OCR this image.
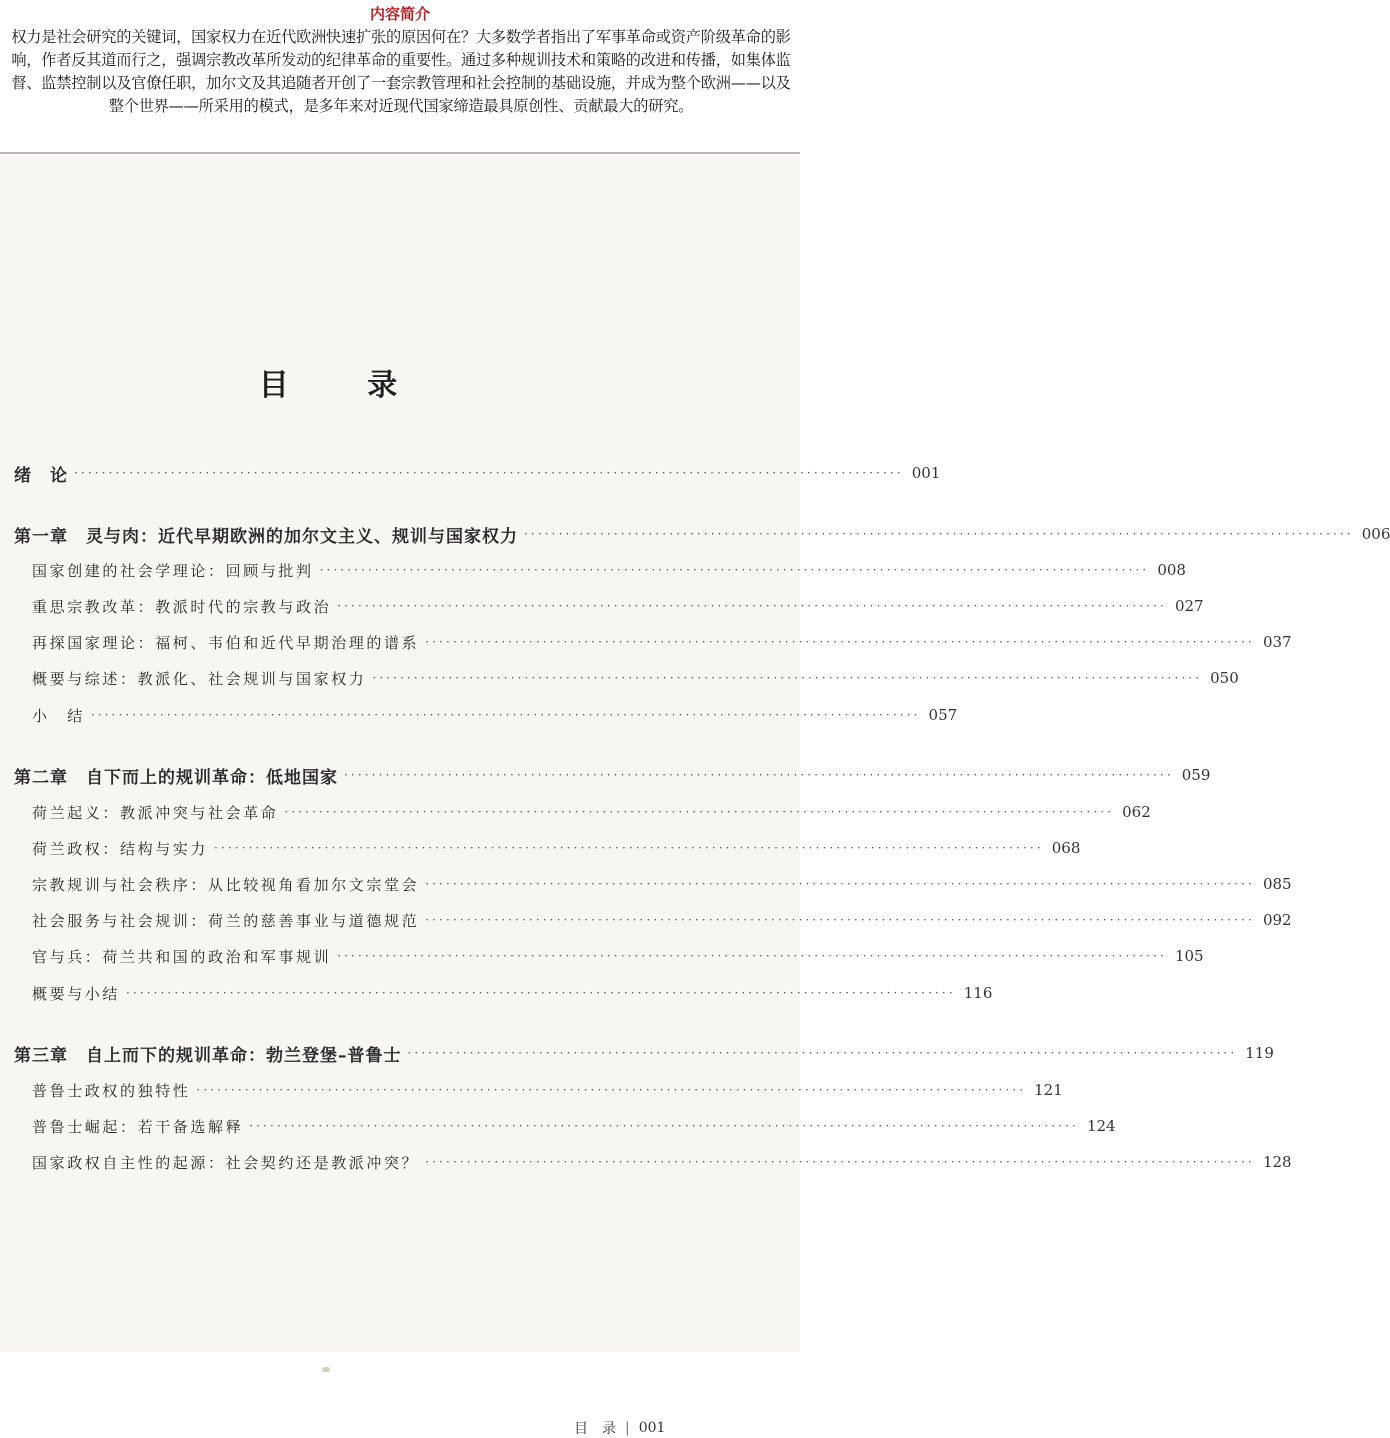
内容简介
权力是社会研究的关键词，国家权力在近代欧洲快速扩张的原因何在？大多数学者指出了军事革命或资产阶级革命的影响，作者反其道而行之，强调宗教改革所发动的纪律革命的重要性。通过多种规训技术和策略的改进和传播，如集体监督、监禁控制以及官僚任职，加尔文及其追随者开创了一套宗教管理和社会控制的基础设施，并成为整个欧洲——以及整个世界——所采用的模式，是多年来对近现代国家缔造最具原创性、贡献最大的研究。
目 录
绪　论 ························································································································ 001
第一章　灵与肉：近代早期欧洲的加尔文主义、规训与国家权力 ························································································································ 006
国家创建的社会学理论：回顾与批判 ························································································································ 008
重思宗教改革：教派时代的宗教与政治 ························································································································ 027
再探国家理论：福柯、韦伯和近代早期治理的谱系 ························································································································ 037
概要与综述：教派化、社会规训与国家权力 ························································································································ 050
小　结 ························································································································ 057
第二章　自下而上的规训革命：低地国家 ························································································································ 059
荷兰起义：教派冲突与社会革命 ························································································································ 062
荷兰政权：结构与实力 ························································································································ 068
宗教规训与社会秩序：从比较视角看加尔文宗堂会 ························································································································ 085
社会服务与社会规训：荷兰的慈善事业与道德规范 ························································································································ 092
官与兵：荷兰共和国的政治和军事规训 ························································································································ 105
概要与小结 ························································································································ 116
第三章　自上而下的规训革命：勃兰登堡–普鲁士 ························································································································ 119
普鲁士政权的独特性 ························································································································ 121
普鲁士崛起：若干备选解释 ························································································································ 124
国家政权自主性的起源：社会契约还是教派冲突？ ························································································································ 128
目　录 | 001
